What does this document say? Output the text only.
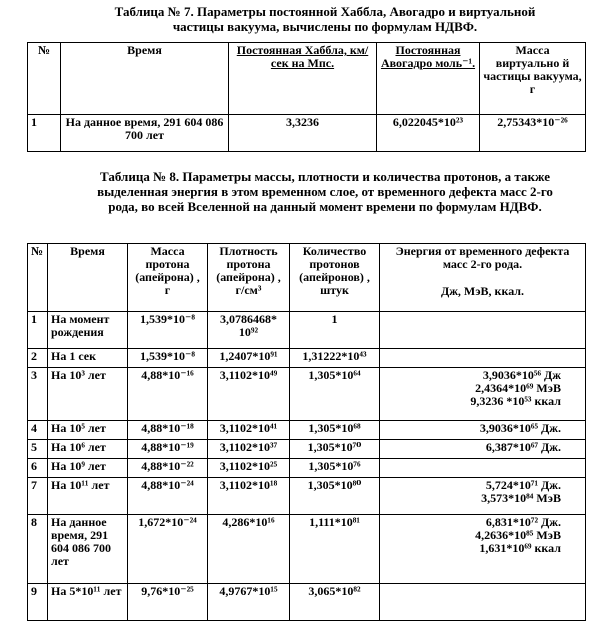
Таблица № 7. Параметры постоянной Хаббла, Авогадро и виртуальной частицы вакуума, вычислены по формулам НДВФ.
№	Время	Постоянная Хаббла, км/сек на Мпс.	Постоянная Авогадро моль⁻¹.	Масса виртуально й частицы вакуума, г
1	На данное время, 291 604 086 700 лет	3,3236	6,022045*10²³	2,75343*10⁻²⁶
Таблица № 8. Параметры массы, плотности и количества протонов, а также выделенная энергия в этом временном слое, от временного дефекта масс 2-го рода, во всей Вселенной на данный момент времени по формулам НДВФ.
№	Время	Масса протона (апейрона) , г	Плотность протона (апейрона) , г/см³	Количество протонов (апейронов) , штук	Энергия от временного дефекта масс 2-го рода.
Дж, МэВ, ккал.

1	На момент рождения	1,539*10⁻⁸	3,0786468* 10⁹²	1	
2	На 1 сек	1,539*10⁻⁸	1,2407*10⁹¹	1,31222*10⁴³	
3	На 10³ лет	4,88*10⁻¹⁶	3,1102*10⁴⁹	1,305*10⁶⁴	3,9036*10⁵⁶ Дж
2,4364*10⁶⁹ МэВ
9,3236 *10⁵³ ккал
4	На 10⁵ лет	4,88*10⁻¹⁸	3,1102*10⁴¹	1,305*10⁶⁸	3,9036*10⁶⁵ Дж.
5	На 10⁶ лет	4,88*10⁻¹⁹	3,1102*10³⁷	1,305*10⁷⁰	6,387*10⁶⁷ Дж.
6	На 10⁹ лет	4,88*10⁻²²	3,1102*10²⁵	1,305*10⁷⁶	
7	На 10¹¹ лет	4,88*10⁻²⁴	3,1102*10¹⁸	1,305*10⁸⁰	5,724*10⁷¹ Дж.
3,573*10⁸⁴ МэВ
8	На данное время, 291 604 086 700 лет	1,672*10⁻²⁴	4,286*10¹⁶	1,111*10⁸¹	6,831*10⁷² Дж.
4,2636*10⁸⁵ МэВ
1,631*10⁶⁹ ккал
9	На 5*10¹¹ лет	9,76*10⁻²⁵	4,9767*10¹⁵	3,065*10⁸²	
